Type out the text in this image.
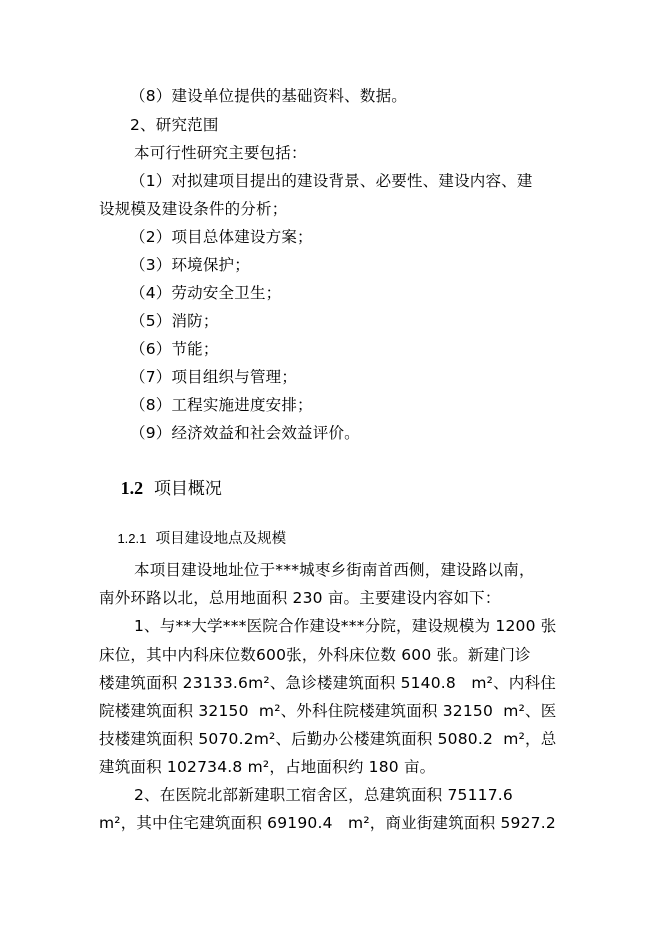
（8）建设单位提供的基础资料、数据。
2、研究范围
本可行性研究主要包括：
（1）对拟建项目提出的建设背景、必要性、建设内容、建
设规模及建设条件的分析；
（2）项目总体建设方案；
（3）环境保护；
（4）劳动安全卫生；
（5）消防；
（6）节能；
（7）项目组织与管理；
（8）工程实施进度安排；
（9）经济效益和社会效益评价。

1.2 项目概况

1.2.1 项目建设地点及规模

本项目建设地址位于***城枣乡街南首西侧，建设路以南，
南外环路以北，总用地面积 230 亩。主要建设内容如下：
1、与**大学***医院合作建设***分院，建设规模为 1200 张
床位，其中内科床位数600张，外科床位数 600 张。新建门诊
楼建筑面积 23133.6m²、急诊楼建筑面积 5140.8   m²、内科住
院楼建筑面积 32150  m²、外科住院楼建筑面积 32150  m²、医
技楼建筑面积 5070.2m²、后勤办公楼建筑面积 5080.2  m²，总
建筑面积 102734.8 m²，占地面积约 180 亩。
2、在医院北部新建职工宿舍区，总建筑面积 75117.6
m²，其中住宅建筑面积 69190.4   m²，商业街建筑面积 5927.2
